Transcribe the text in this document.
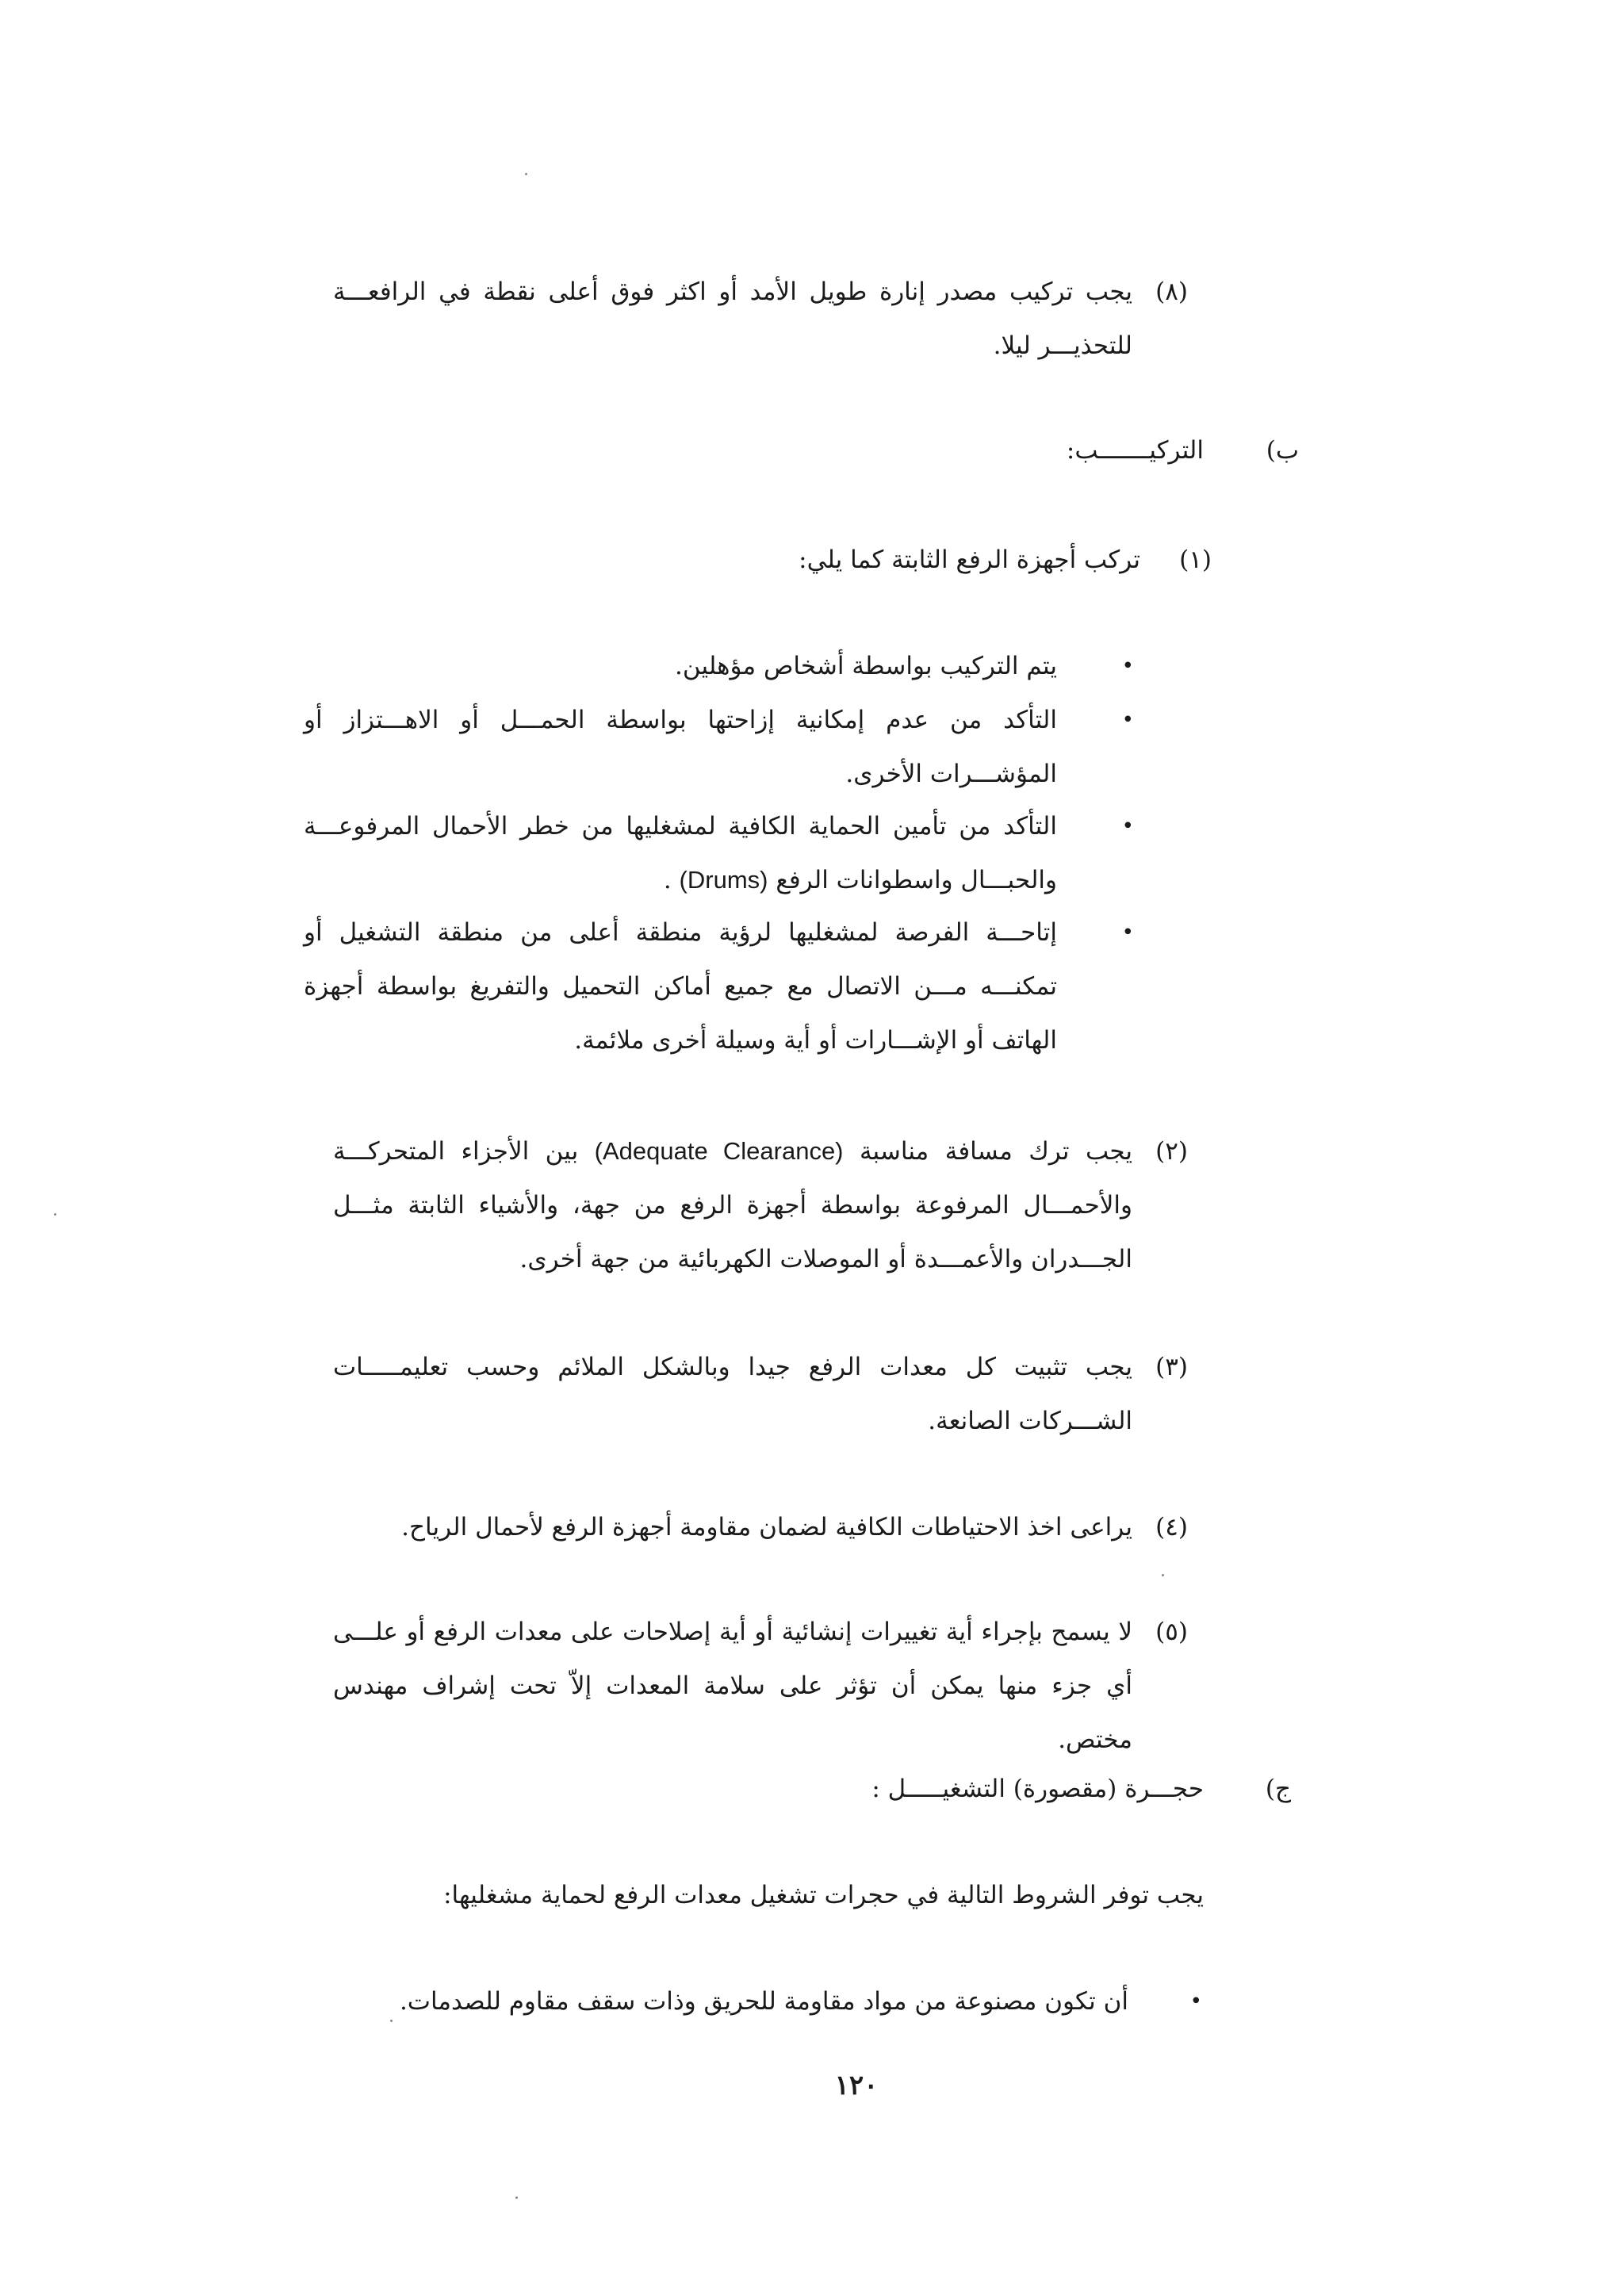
(٨)
يجب تركيب مصدر إنارة طويل الأمد أو اكثر فوق أعلى نقطة في الرافعـــة للتحذيـــر ليلا.
ب)
التركيـــــــب:
(١)
تركب أجهزة الرفع الثابتة كما يلي:
•
يتم التركيب بواسطة أشخاص مؤهلين.
•
التأكد من عدم إمكانية إزاحتها بواسطة الحمـــل أو الاهـــتزاز أو المؤشـــرات الأخرى.
•
التأكد من تأمين الحماية الكافية لمشغليها من خطر الأحمال المرفوعـــة والحبـــال واسطوانات الرفع (Drums) .
•
إتاحـــة الفرصة لمشغليها لرؤية منطقة أعلى من منطقة التشغيل أو تمكنـــه مـــن الاتصال مع جميع أماكن التحميل والتفريغ بواسطة أجهزة الهاتف أو الإشـــارات أو أية وسيلة أخرى ملائمة.
(٢)
يجب ترك مسافة مناسبة (Adequate Clearance) بين الأجزاء المتحركـــة والأحمـــال المرفوعة بواسطة أجهزة الرفع من جهة، والأشياء الثابتة مثـــل الجـــدران والأعمـــدة أو الموصلات الكهربائية من جهة أخرى.
(٣)
يجب تثبيت كل معدات الرفع جيدا وبالشكل الملائم وحسب تعليمـــــات الشـــركات الصانعة.
(٤)
يراعى اخذ الاحتياطات الكافية لضمان مقاومة أجهزة الرفع لأحمال الرياح.
(٥)
لا يسمح بإجراء أية تغييرات إنشائية أو أية إصلاحات على معدات الرفع أو علـــى أي جزء منها يمكن أن تؤثر على سلامة المعدات إلاّ تحت إشراف مهندس مختص.
ج)
حجـــرة (مقصورة) التشغيـــــل :
يجب توفر الشروط التالية في حجرات تشغيل معدات الرفع لحماية مشغليها:
•
أن تكون مصنوعة من مواد مقاومة للحريق وذات سقف مقاوم للصدمات.
١٢٠
